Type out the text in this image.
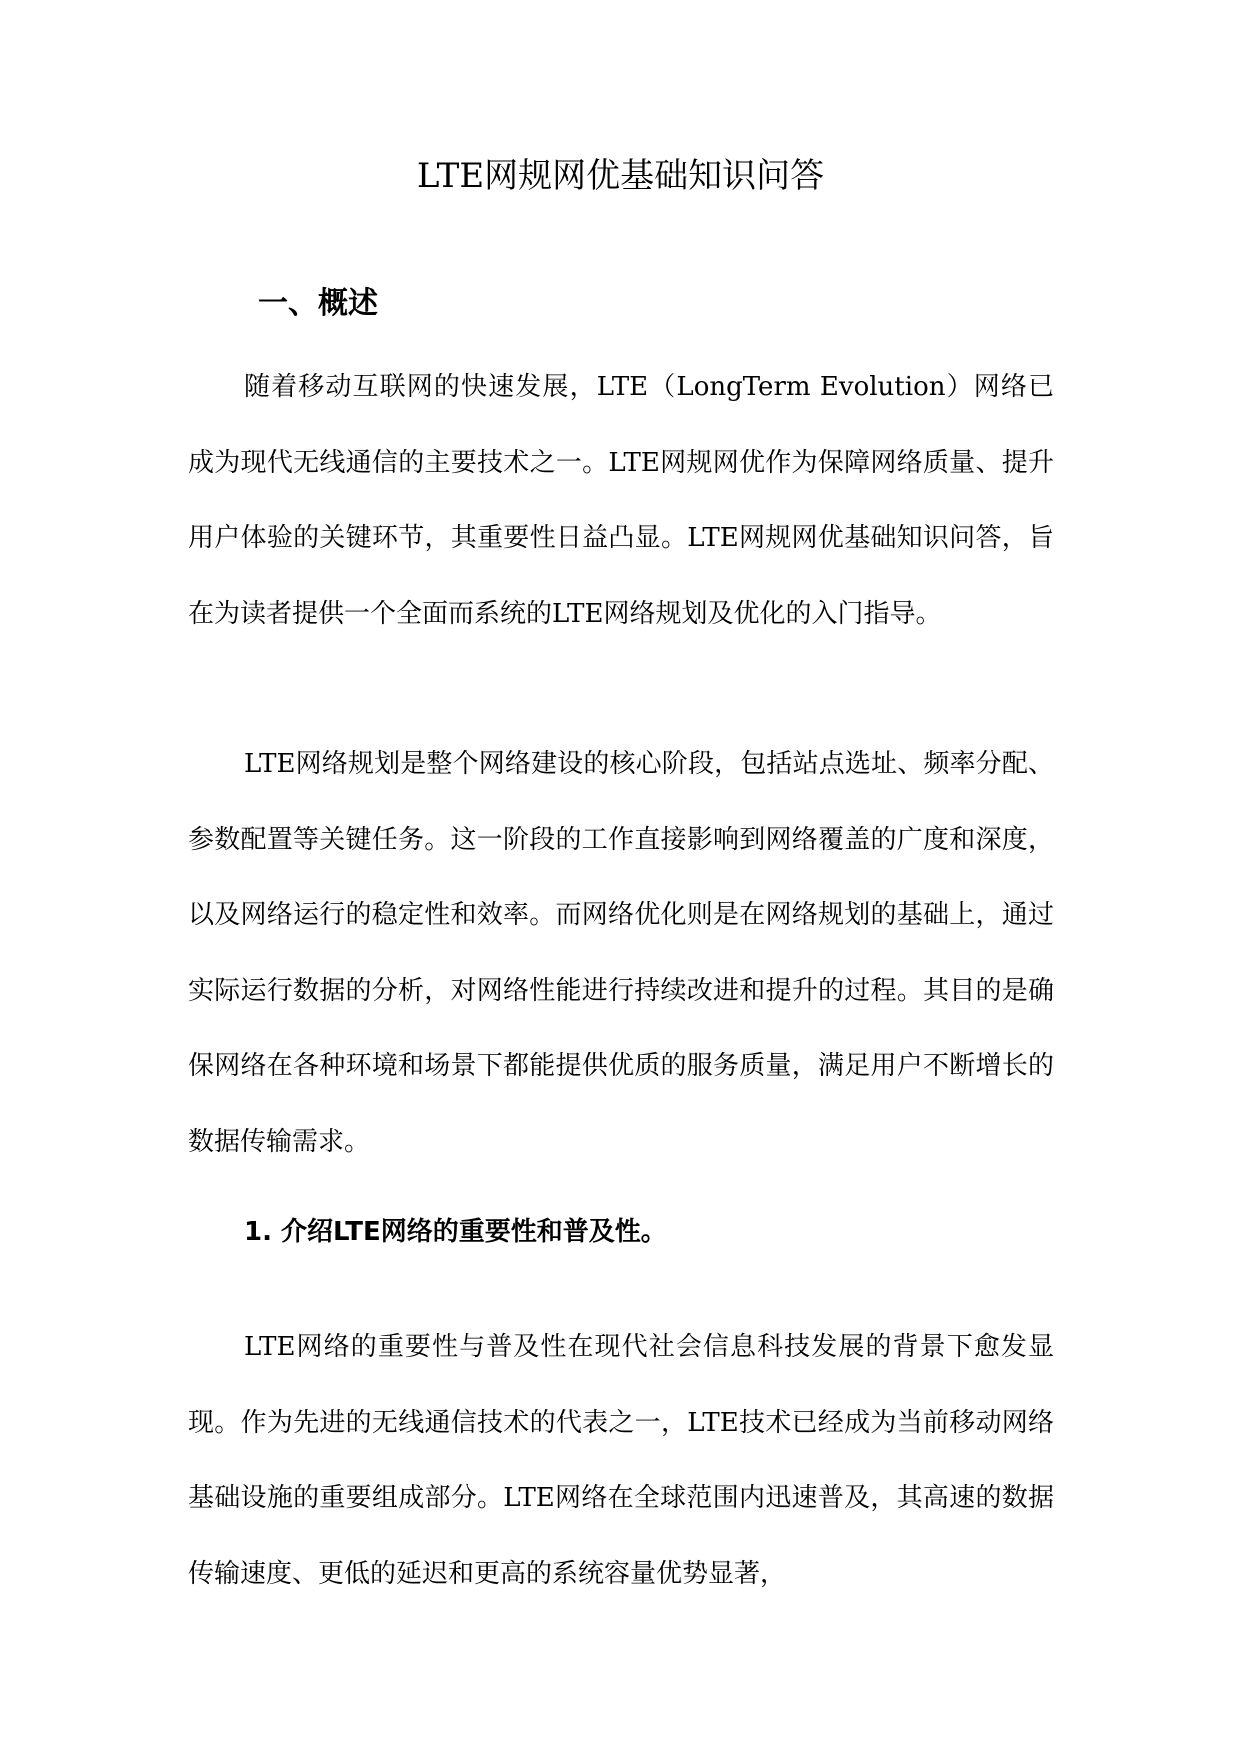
LTE网规网优基础知识问答
一、概述

随着移动互联网的快速发展，LTE（LongTerm Evolution）网络已成为现代无线通信的主要技术之一。LTE网规网优作为保障网络质量、提升用户体验的关键环节，其重要性日益凸显。LTE网规网优基础知识问答，旨在为读者提供一个全面而系统的LTE网络规划及优化的入门指导。

LTE网络规划是整个网络建设的核心阶段，包括站点选址、频率分配、参数配置等关键任务。这一阶段的工作直接影响到网络覆盖的广度和深度，以及网络运行的稳定性和效率。而网络优化则是在网络规划的基础上，通过实际运行数据的分析，对网络性能进行持续改进和提升的过程。其目的是确保网络在各种环境和场景下都能提供优质的服务质量，满足用户不断增长的数据传输需求。

1. 介绍LTE网络的重要性和普及性。

LTE网络的重要性与普及性在现代社会信息科技发展的背景下愈发显现。作为先进的无线通信技术的代表之一，LTE技术已经成为当前移动网络基础设施的重要组成部分。LTE网络在全球范围内迅速普及，其高速的数据传输速度、更低的延迟和更高的系统容量优势显著，
